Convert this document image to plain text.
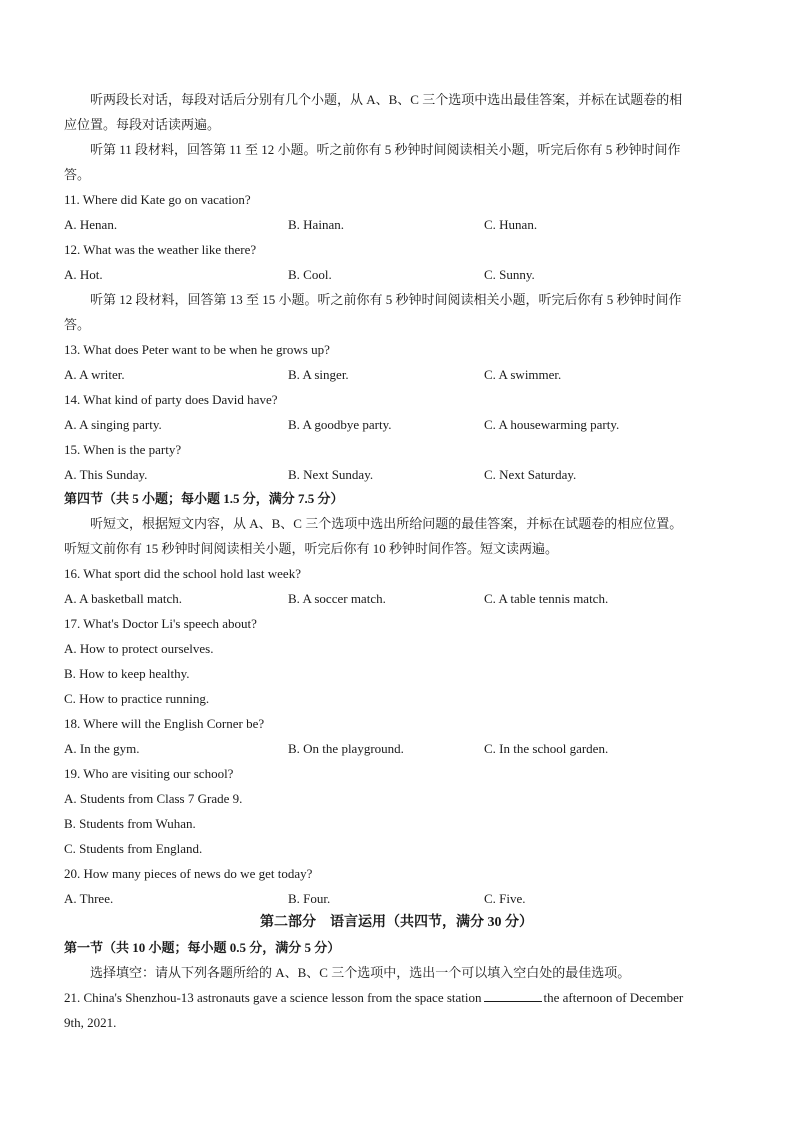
听两段长对话，每段对话后分别有几个小题，从 A、B、C 三个选项中选出最佳答案，并标在试题卷的相
应位置。每段对话读两遍。
听第 11 段材料，回答第 11 至 12 小题。听之前你有 5 秒钟时间阅读相关小题，听完后你有 5 秒钟时间作
答。
11. Where did Kate go on vacation?
A. Henan.	B. Hainan.	C. Hunan.
12. What was the weather like there?
A. Hot.	B. Cool.	C. Sunny.
听第 12 段材料，回答第 13 至 15 小题。听之前你有 5 秒钟时间阅读相关小题，听完后你有 5 秒钟时间作
答。
13. What does Peter want to be when he grows up?
A. A writer.	B. A singer.	C. A swimmer.
14. What kind of party does David have?
A. A singing party.	B. A goodbye party.	C. A housewarming party.
15. When is the party?
A. This Sunday.	B. Next Sunday.	C. Next Saturday.
第四节（共 5 小题；每小题 1.5 分，满分 7.5 分）
听短文，根据短文内容，从 A、B、C 三个选项中选出所给问题的最佳答案，并标在试题卷的相应位置。
听短文前你有 15 秒钟时间阅读相关小题，听完后你有 10 秒钟时间作答。短文读两遍。
16. What sport did the school hold last week?
A. A basketball match.	B. A soccer match.	C. A table tennis match.
17. What's Doctor Li's speech about?
A. How to protect ourselves.
B. How to keep healthy.
C. How to practice running.
18. Where will the English Corner be?
A. In the gym.	B. On the playground.	C. In the school garden.
19. Who are visiting our school?
A. Students from Class 7 Grade 9.
B. Students from Wuhan.
C. Students from England.
20. How many pieces of news do we get today?
A. Three.	B. Four.	C. Five.
第二部分　语言运用（共四节，满分 30 分）
第一节（共 10 小题；每小题 0.5 分，满分 5 分）
选择填空：请从下列各题所给的 A、B、C 三个选项中，选出一个可以填入空白处的最佳选项。
21. China's Shenzhou-13 astronauts gave a science lesson from the space station	the afternoon of December
9th, 2021.
